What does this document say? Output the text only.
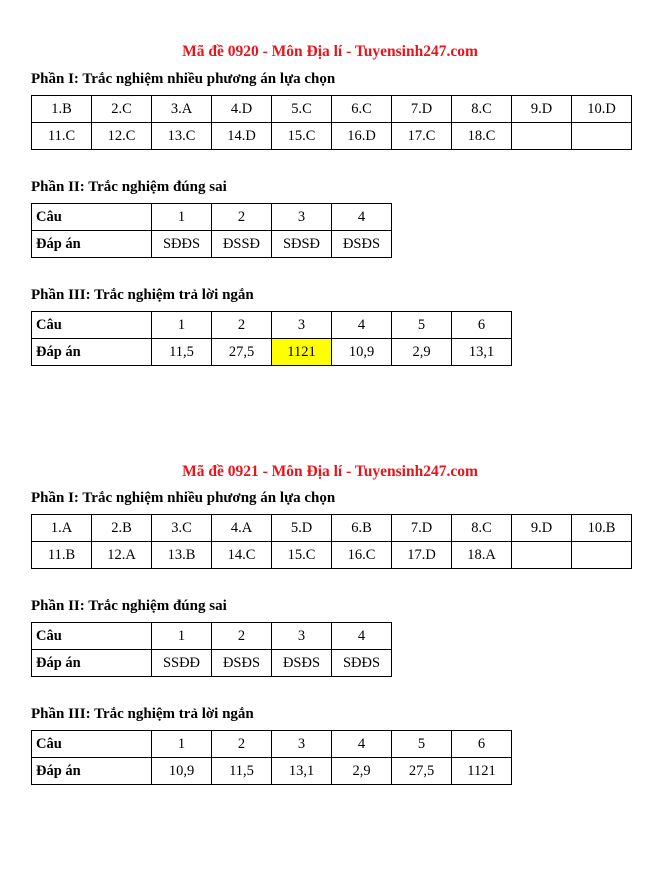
Mã đề 0920 - Môn Địa lí - Tuyensinh247.com
Phần I: Trắc nghiệm nhiều phương án lựa chọn
1.B	2.C	3.A	4.D	5.C	6.C	7.D	8.C	9.D	10.D
11.C	12.C	13.C	14.D	15.C	16.D	17.C	18.C		
Phần II: Trắc nghiệm đúng sai
Câu	1	2	3	4
Đáp án	SĐĐS	ĐSSĐ	SĐSĐ	ĐSĐS
Phần III: Trắc nghiệm trả lời ngắn
Câu	1	2	3	4	5	6
Đáp án	11,5	27,5	1121	10,9	2,9	13,1
Mã đề 0921 - Môn Địa lí - Tuyensinh247.com
Phần I: Trắc nghiệm nhiều phương án lựa chọn
1.A	2.B	3.C	4.A	5.D	6.B	7.D	8.C	9.D	10.B
11.B	12.A	13.B	14.C	15.C	16.C	17.D	18.A		
Phần II: Trắc nghiệm đúng sai
Câu	1	2	3	4
Đáp án	SSĐĐ	ĐSĐS	ĐSĐS	SĐĐS
Phần III: Trắc nghiệm trả lời ngắn
Câu	1	2	3	4	5	6
Đáp án	10,9	11,5	13,1	2,9	27,5	1121
